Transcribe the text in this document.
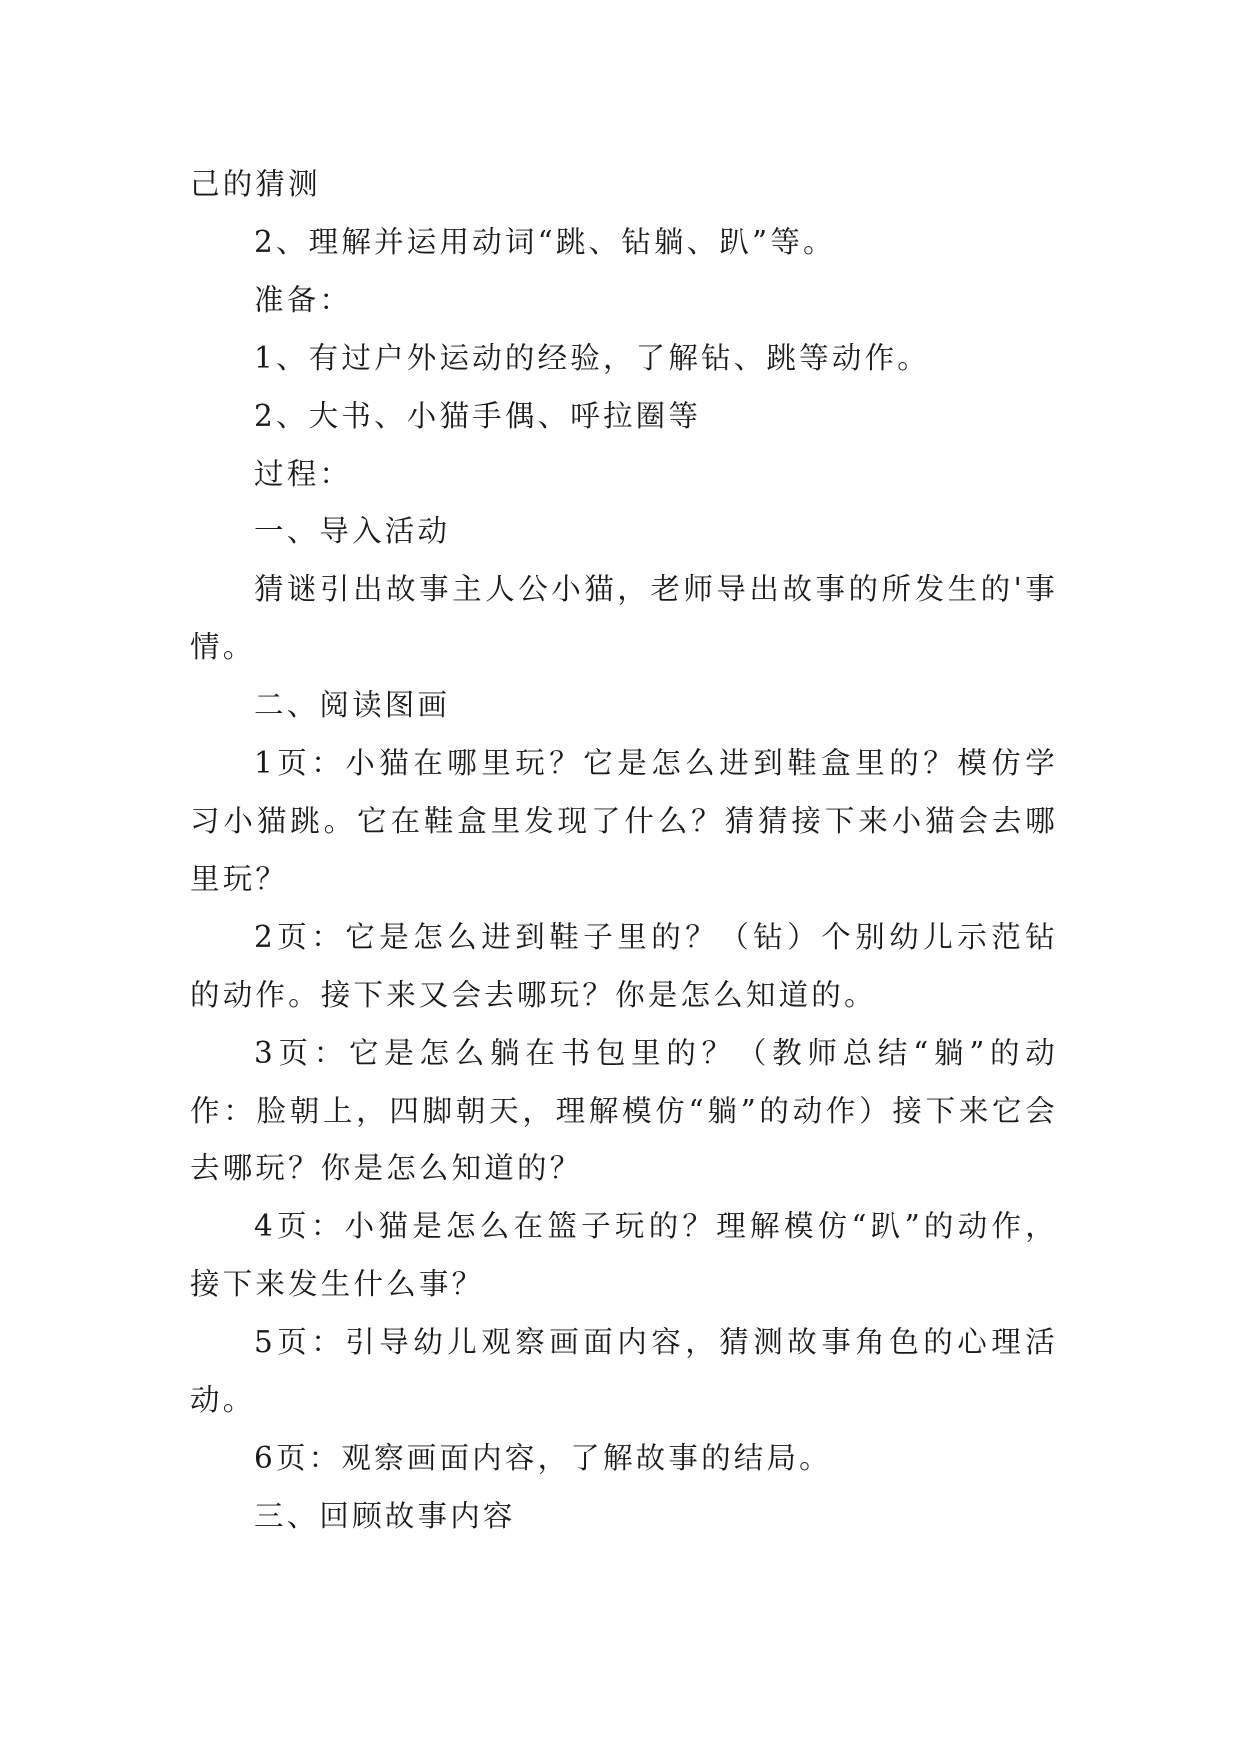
己的猜测

2、理解并运用动词“跳、钻躺、趴”等。

准备：

1、有过户外运动的经验，了解钻、跳等动作。

2、大书、小猫手偶、呼拉圈等

过程：

一、导入活动

猜谜引出故事主人公小猫，老师导出故事的所发生的'事情。

二、阅读图画

1页：小猫在哪里玩？它是怎么进到鞋盒里的？模仿学习小猫跳。它在鞋盒里发现了什么？猜猜接下来小猫会去哪里玩？

2页：它是怎么进到鞋子里的？（钻）个别幼儿示范钻的动作。接下来又会去哪玩？你是怎么知道的。

3页：它是怎么躺在书包里的？（教师总结“躺”的动作：脸朝上，四脚朝天，理解模仿“躺”的动作）接下来它会去哪玩？你是怎么知道的？

4页：小猫是怎么在篮子玩的？理解模仿“趴”的动作，接下来发生什么事？

5页：引导幼儿观察画面内容，猜测故事角色的心理活动。

6页：观察画面内容，了解故事的结局。

三、回顾故事内容
